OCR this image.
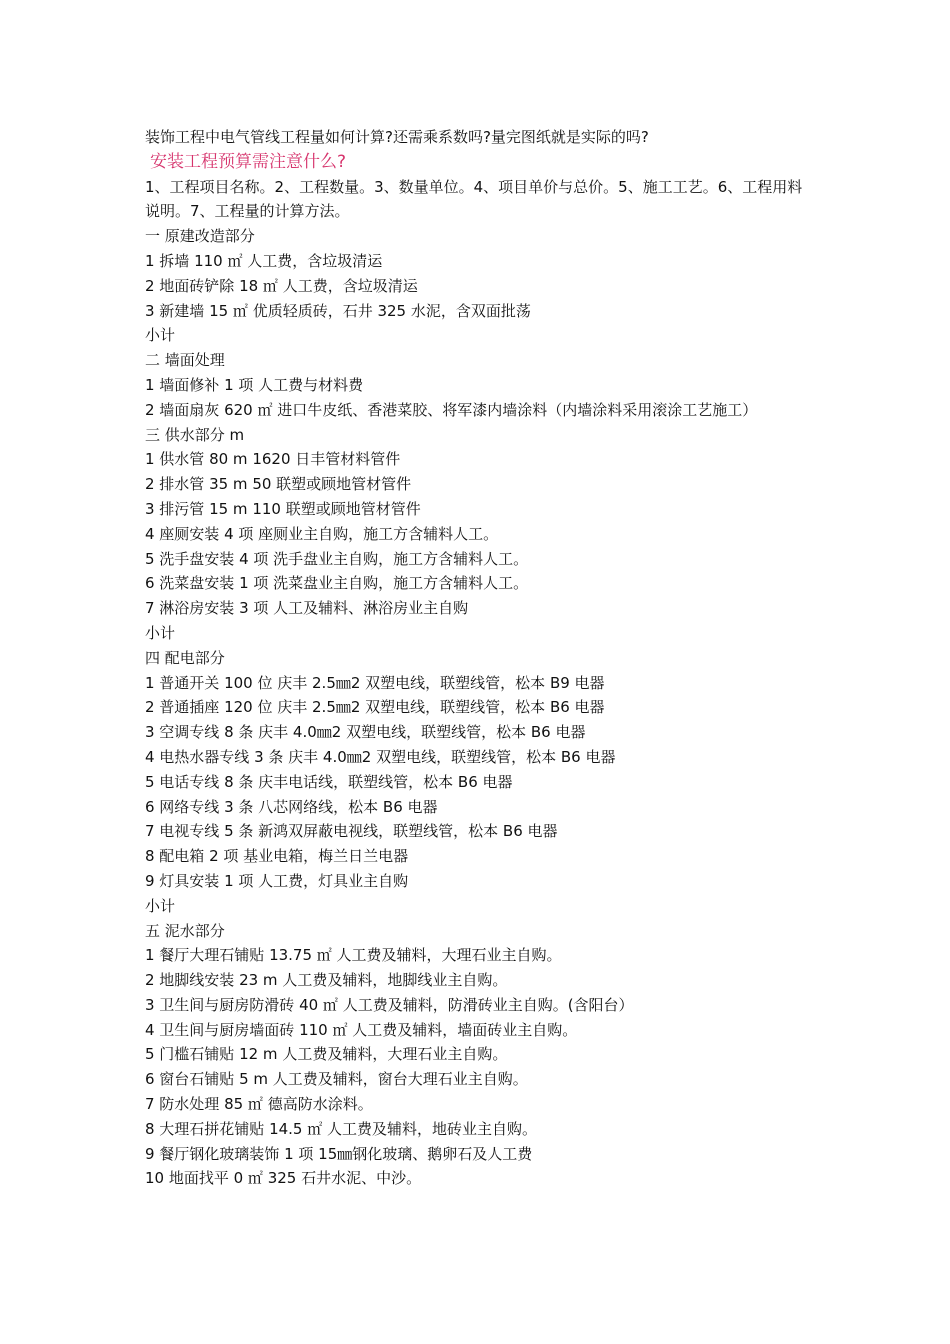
装饰工程中电气管线工程量如何计算?还需乘系数吗?量完图纸就是实际的吗?

安装工程预算需注意什么?

1、工程项目名称。2、工程数量。3、数量单位。4、项目单价与总价。5、施工工艺。6、工程用料说明。7、工程量的计算方法。

一 原建改造部分

1 拆墙 110 ㎡ 人工费，含垃圾清运

2 地面砖铲除 18 ㎡ 人工费，含垃圾清运

3 新建墙 15 ㎡ 优质轻质砖，石井 325 水泥，含双面批荡

小计

二 墙面处理

1 墙面修补 1 项 人工费与材料费

2 墙面扇灰 620 ㎡ 进口牛皮纸、香港菜胶、将军漆内墙涂料（内墙涂料采用滚涂工艺施工）

三 供水部分 m

1 供水管 80 m 1620 日丰管材料管件

2 排水管 35 m 50 联塑或顾地管材管件

3 排污管 15 m 110 联塑或顾地管材管件

4 座厕安装 4 项 座厕业主自购，施工方含辅料人工。

5 洗手盘安装 4 项 洗手盘业主自购，施工方含辅料人工。

6 洗菜盘安装 1 项 洗菜盘业主自购，施工方含辅料人工。

7 淋浴房安装 3 项 人工及辅料、淋浴房业主自购

小计

四 配电部分

1 普通开关 100 位 庆丰 2.5㎜2 双塑电线，联塑线管，松本 B9 电器

2 普通插座 120 位 庆丰 2.5㎜2 双塑电线，联塑线管，松本 B6 电器

3 空调专线 8 条 庆丰 4.0㎜2 双塑电线，联塑线管，松本 B6 电器

4 电热水器专线 3 条 庆丰 4.0㎜2 双塑电线，联塑线管，松本 B6 电器

5 电话专线 8 条 庆丰电话线，联塑线管，松本 B6 电器

6 网络专线 3 条 八芯网络线，松本 B6 电器

7 电视专线 5 条 新鸿双屏蔽电视线，联塑线管，松本 B6 电器

8 配电箱 2 项 基业电箱，梅兰日兰电器

9 灯具安装 1 项 人工费，灯具业主自购

小计

五 泥水部分

1 餐厅大理石铺贴 13.75 ㎡ 人工费及辅料，大理石业主自购。

2 地脚线安装 23 m 人工费及辅料，地脚线业主自购。

3 卫生间与厨房防滑砖 40 ㎡ 人工费及辅料，防滑砖业主自购。(含阳台）

4 卫生间与厨房墙面砖 110 ㎡ 人工费及辅料，墙面砖业主自购。

5 门槛石铺贴 12 m 人工费及辅料，大理石业主自购。

6 窗台石铺贴 5 m 人工费及辅料，窗台大理石业主自购。

7 防水处理 85 ㎡ 德高防水涂料。

8 大理石拼花铺贴 14.5 ㎡ 人工费及辅料，地砖业主自购。

9 餐厅钢化玻璃装饰 1 项 15㎜钢化玻璃、鹅卵石及人工费

10 地面找平 0 ㎡ 325 石井水泥、中沙。
